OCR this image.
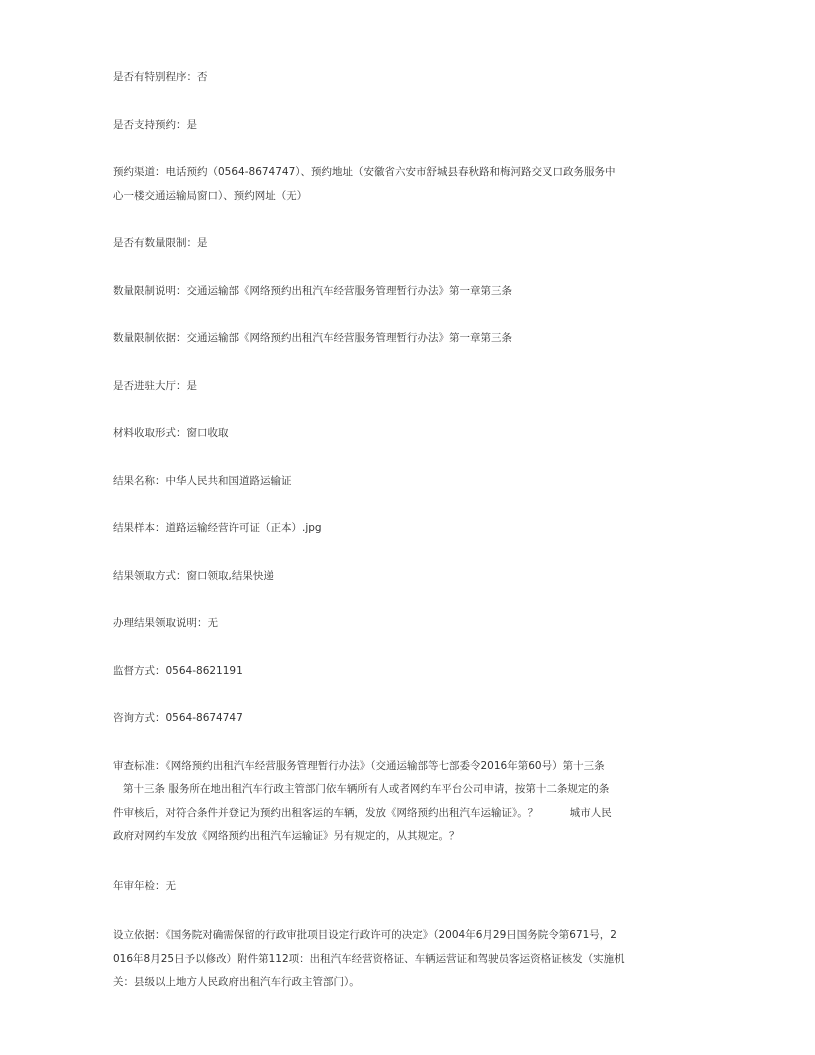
是否有特别程序：否

是否支持预约：是

预约渠道：电话预约（0564-8674747）、预约地址（安徽省六安市舒城县春秋路和梅河路交叉口政务服务中
心一楼交通运输局窗口）、预约网址（无）

是否有数量限制：是

数量限制说明：交通运输部《网络预约出租汽车经营服务管理暂行办法》第一章第三条

数量限制依据：交通运输部《网络预约出租汽车经营服务管理暂行办法》第一章第三条

是否进驻大厅：是

材料收取形式：窗口收取

结果名称：中华人民共和国道路运输证

结果样本：道路运输经营许可证（正本）.jpg

结果领取方式：窗口领取,结果快递

办理结果领取说明：无

监督方式：0564-8621191

咨询方式：0564-8674747

审查标准：《网络预约出租汽车经营服务管理暂行办法》（交通运输部等七部委令2016年第60号）第十三条
第十三条 服务所在地出租汽车行政主管部门依车辆所有人或者网约车平台公司申请，按第十二条规定的条
件审核后，对符合条件并登记为预约出租客运的车辆，发放《网络预约出租汽车运输证》。？　　　城市人民
政府对网约车发放《网络预约出租汽车运输证》另有规定的，从其规定。？

年审年检：无

设立依据：《国务院对确需保留的行政审批项目设定行政许可的决定》（2004年6月29日国务院令第671号，2
016年8月25日予以修改）附件第112项：出租汽车经营资格证、车辆运营证和驾驶员客运资格证核发（实施机
关：县级以上地方人民政府出租汽车行政主管部门）。
